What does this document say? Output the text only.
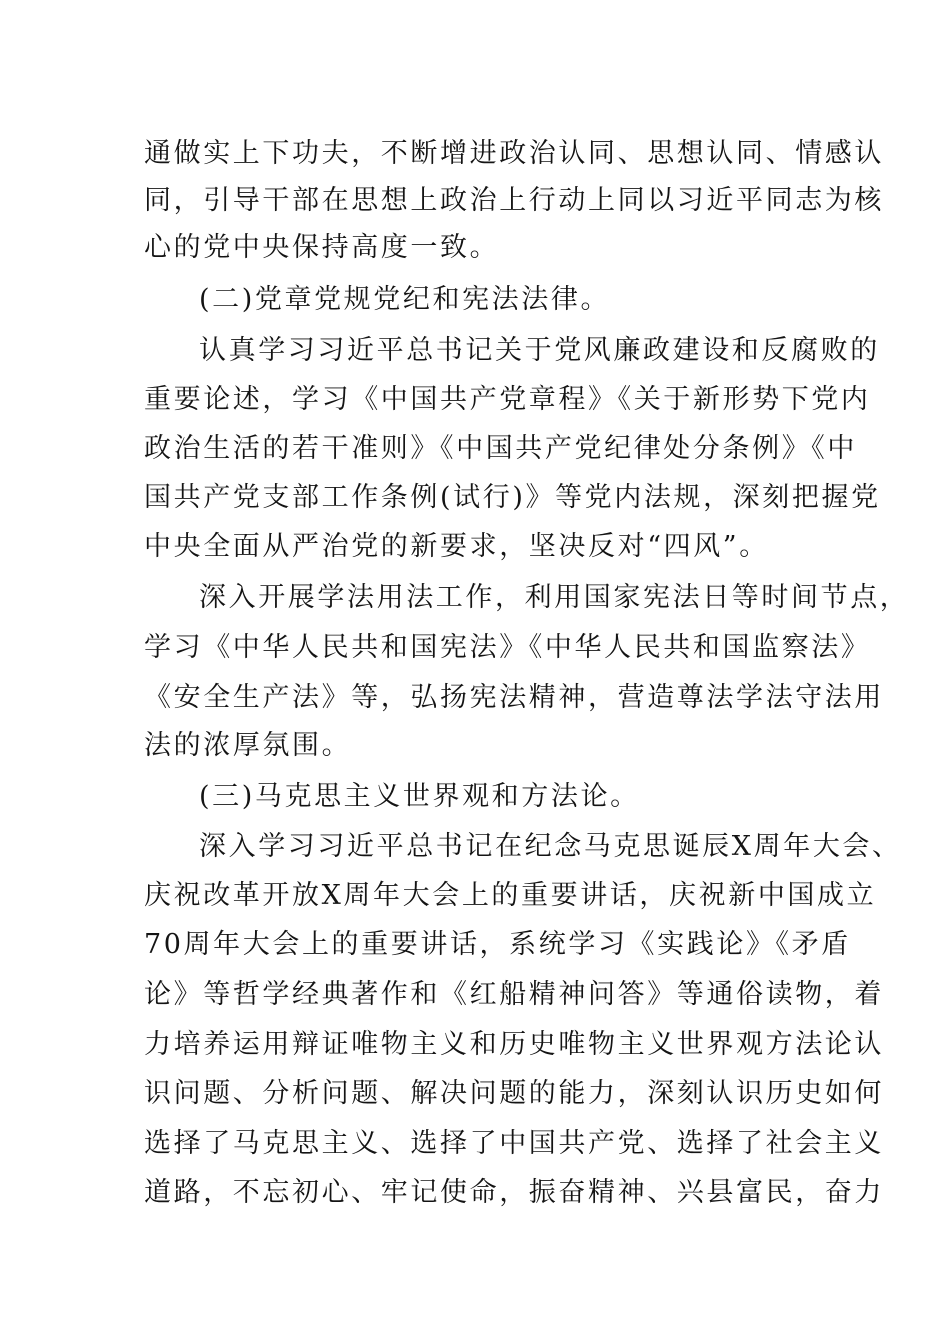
通做实上下功夫，不断增进政治认同、思想认同、情感认
同，引导干部在思想上政治上行动上同以习近平同志为核
心的党中央保持高度一致。
(二)党章党规党纪和宪法法律。
认真学习习近平总书记关于党风廉政建设和反腐败的
重要论述，学习《中国共产党章程》《关于新形势下党内
政治生活的若干准则》《中国共产党纪律处分条例》《中
国共产党支部工作条例(试行)》等党内法规，深刻把握党
中央全面从严治党的新要求，坚决反对“四风”。
深入开展学法用法工作，利用国家宪法日等时间节点，
学习《中华人民共和国宪法》《中华人民共和国监察法》
《安全生产法》等，弘扬宪法精神，营造尊法学法守法用
法的浓厚氛围。
(三)马克思主义世界观和方法论。
深入学习习近平总书记在纪念马克思诞辰X周年大会、
庆祝改革开放X周年大会上的重要讲话，庆祝新中国成立
70周年大会上的重要讲话，系统学习《实践论》《矛盾
论》等哲学经典著作和《红船精神问答》等通俗读物，着
力培养运用辩证唯物主义和历史唯物主义世界观方法论认
识问题、分析问题、解决问题的能力，深刻认识历史如何
选择了马克思主义、选择了中国共产党、选择了社会主义
道路，不忘初心、牢记使命，振奋精神、兴县富民，奋力
